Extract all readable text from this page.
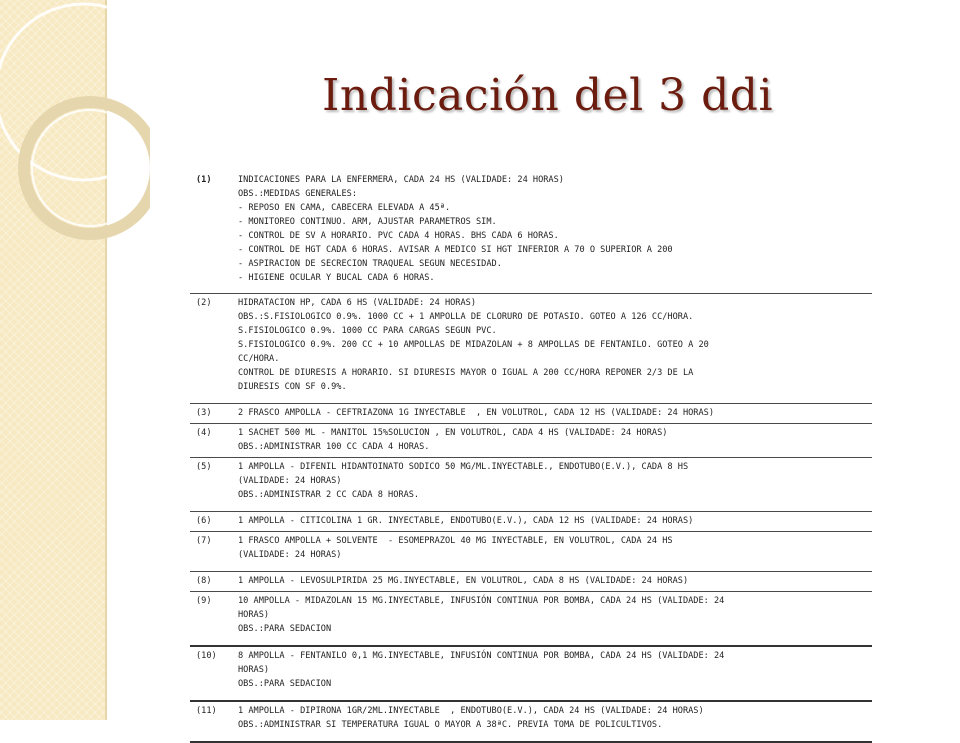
Indicación del 3 ddi
(1)	INDICACIONES PARA LA ENFERMERA, CADA 24 HS (VALIDADE: 24 HORAS)
OBS.:MEDIDAS GENERALES:
- REPOSO EN CAMA, CABECERA ELEVADA A 45ª.
- MONITOREO CONTINUO. ARM, AJUSTAR PARAMETROS SIM.
- CONTROL DE SV A HORARIO. PVC CADA 4 HORAS. BHS CADA 6 HORAS.
- CONTROL DE HGT CADA 6 HORAS. AVISAR A MEDICO SI HGT INFERIOR A 70 O SUPERIOR A 200
- ASPIRACION DE SECRECION TRAQUEAL SEGUN NECESIDAD.
- HIGIENE OCULAR Y BUCAL CADA 6 HORAS.
(2)	HIDRATACION HP, CADA 6 HS (VALIDADE: 24 HORAS)
OBS.:S.FISIOLOGICO 0.9%. 1000 CC + 1 AMPOLLA DE CLORURO DE POTASIO. GOTEO A 126 CC/HORA.
S.FISIOLOGICO 0.9%. 1000 CC PARA CARGAS SEGUN PVC.
S.FISIOLOGICO 0.9%. 200 CC + 10 AMPOLLAS DE MIDAZOLAN + 8 AMPOLLAS DE FENTANILO. GOTEO A 20
CC/HORA.
CONTROL DE DIURESIS A HORARIO. SI DIURESIS MAYOR O IGUAL A 200 CC/HORA REPONER 2/3 DE LA
DIURESIS CON SF 0.9%.
(3)	2 FRASCO AMPOLLA - CEFTRIAZONA 1G INYECTABLE  , EN VOLUTROL, CADA 12 HS (VALIDADE: 24 HORAS)
(4)	1 SACHET 500 ML - MANITOL 15%SOLUCION , EN VOLUTROL, CADA 4 HS (VALIDADE: 24 HORAS)
OBS.:ADMINISTRAR 100 CC CADA 4 HORAS.
(5)	1 AMPOLLA - DIFENIL HIDANTOINATO SODICO 50 MG/ML.INYECTABLE., ENDOTUBO(E.V.), CADA 8 HS
(VALIDADE: 24 HORAS)
OBS.:ADMINISTRAR 2 CC CADA 8 HORAS.
(6)	1 AMPOLLA - CITICOLINA 1 GR. INYECTABLE, ENDOTUBO(E.V.), CADA 12 HS (VALIDADE: 24 HORAS)
(7)	1 FRASCO AMPOLLA + SOLVENTE  - ESOMEPRAZOL 40 MG INYECTABLE, EN VOLUTROL, CADA 24 HS
(VALIDADE: 24 HORAS)
(8)	1 AMPOLLA - LEVOSULPIRIDA 25 MG.INYECTABLE, EN VOLUTROL, CADA 8 HS (VALIDADE: 24 HORAS)
(9)	10 AMPOLLA - MIDAZOLAN 15 MG.INYECTABLE, INFUSIÓN CONTINUA POR BOMBA, CADA 24 HS (VALIDADE: 24
HORAS)
OBS.:PARA SEDACION
(10)	8 AMPOLLA - FENTANILO 0,1 MG.INYECTABLE, INFUSIÓN CONTINUA POR BOMBA, CADA 24 HS (VALIDADE: 24
HORAS)
OBS.:PARA SEDACION
(11)	1 AMPOLLA - DIPIRONA 1GR/2ML.INYECTABLE  , ENDOTUBO(E.V.), CADA 24 HS (VALIDADE: 24 HORAS)
OBS.:ADMINISTRAR SI TEMPERATURA IGUAL O MAYOR A 38ªC. PREVIA TOMA DE POLICULTIVOS.
